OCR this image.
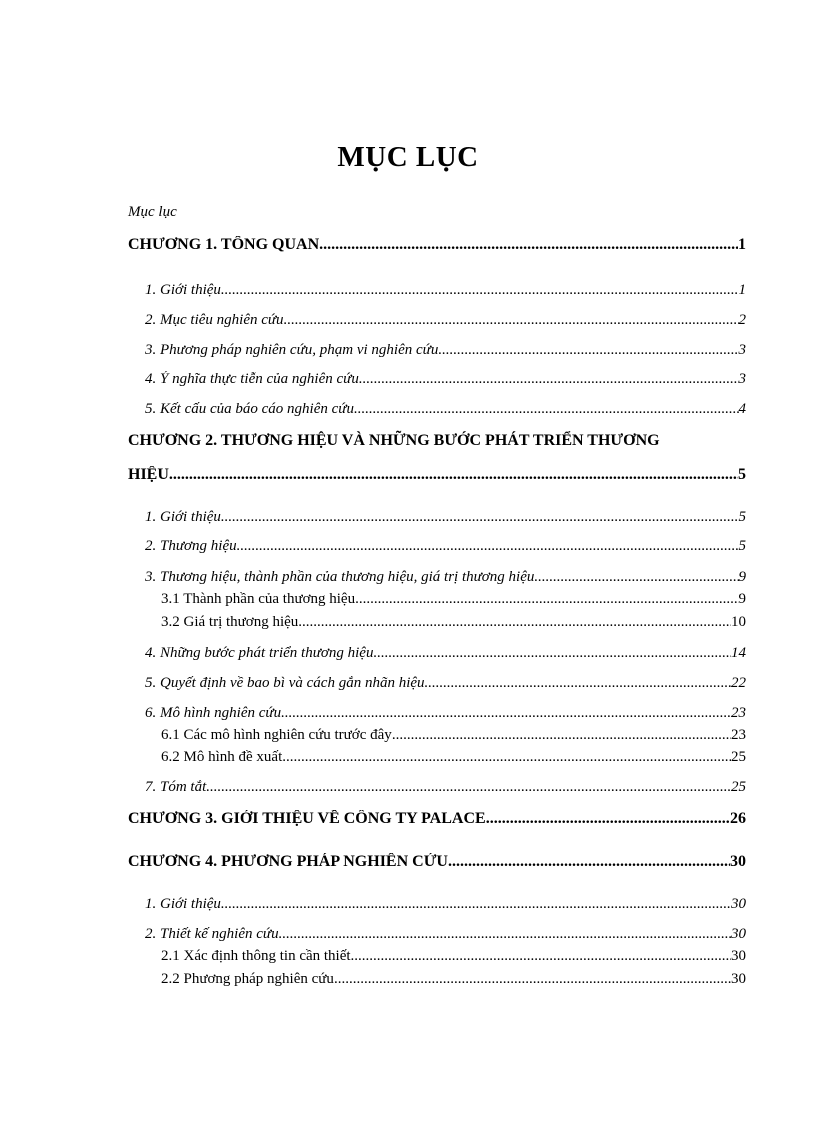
MỤC LỤC
Mục lục
CHƯƠNG 1. TỔNG QUAN .....	1
1. Giới thiệu .....	1
2. Mục tiêu nghiên cứu .....	2
3. Phương pháp nghiên cứu, phạm vi nghiên cứu .....	3
4. Ý nghĩa thực tiễn của nghiên cứu .....	3
5. Kết cấu của báo cáo nghiên cứu .....	4
CHƯƠNG 2. THƯƠNG HIỆU VÀ NHỮNG BƯỚC PHÁT TRIỂN THƯƠNG
HIỆU .....	5
1. Giới thiệu .....	5
2. Thương hiệu .....	5
3. Thương hiệu, thành phần của thương hiệu, giá trị thương hiệu .....	9
3.1 Thành phần của thương hiệu .....	9
3.2 Giá trị thương hiệu .....	10
4. Những bước phát triển thương hiệu .....	14
5. Quyết định về bao bì và cách gắn nhãn hiệu .....	22
6. Mô hình nghiên cứu .....	23
6.1 Các mô hình nghiên cứu trước đây .....	23
6.2 Mô hình đề xuất .....	25
7. Tóm tắt .....	25
CHƯƠNG 3. GIỚI THIỆU VỀ CÔNG TY PALACE .....	26
CHƯƠNG 4. PHƯƠNG PHÁP NGHIÊN CỨU .....	30
1. Giới thiệu .....	30
2. Thiết kế nghiên cứu .....	30
2.1 Xác định thông tin cần thiết .....	30
2.2 Phương pháp nghiên cứu .....	30
